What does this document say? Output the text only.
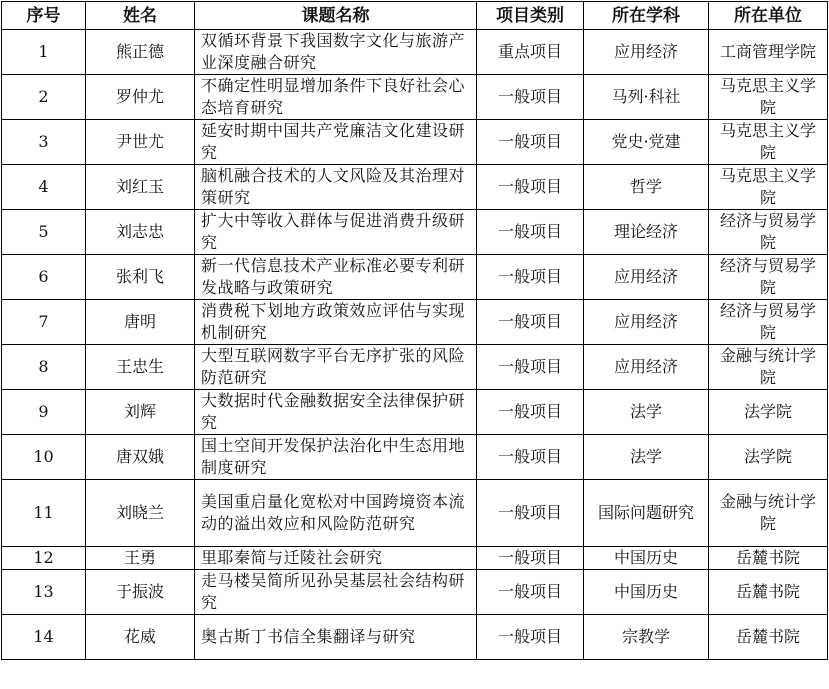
序号	姓名	课题名称	项目类别	所在学科	所在单位
1	熊正德	双循环背景下我国数字文化与旅游产业深度融合研究	重点项目	应用经济	工商管理学院
2	罗仲尤	不确定性明显增加条件下良好社会心态培育研究	一般项目	马列·科社	马克思主义学院
3	尹世尤	延安时期中国共产党廉洁文化建设研究	一般项目	党史·党建	马克思主义学院
4	刘红玉	脑机融合技术的人文风险及其治理对策研究	一般项目	哲学	马克思主义学院
5	刘志忠	扩大中等收入群体与促进消费升级研究	一般项目	理论经济	经济与贸易学院
6	张利飞	新一代信息技术产业标准必要专利研发战略与政策研究	一般项目	应用经济	经济与贸易学院
7	唐明	消费税下划地方政策效应评估与实现机制研究	一般项目	应用经济	经济与贸易学院
8	王忠生	大型互联网数字平台无序扩张的风险防范研究	一般项目	应用经济	金融与统计学院
9	刘辉	大数据时代金融数据安全法律保护研究	一般项目	法学	法学院
10	唐双娥	国土空间开发保护法治化中生态用地制度研究	一般项目	法学	法学院
11	刘晓兰	美国重启量化宽松对中国跨境资本流动的溢出效应和风险防范研究	一般项目	国际问题研究	金融与统计学院
12	王勇	里耶秦简与迁陵社会研究	一般项目	中国历史	岳麓书院
13	于振波	走马楼吴简所见孙吴基层社会结构研究	一般项目	中国历史	岳麓书院
14	花威	奥古斯丁书信全集翻译与研究	一般项目	宗教学	岳麓书院
